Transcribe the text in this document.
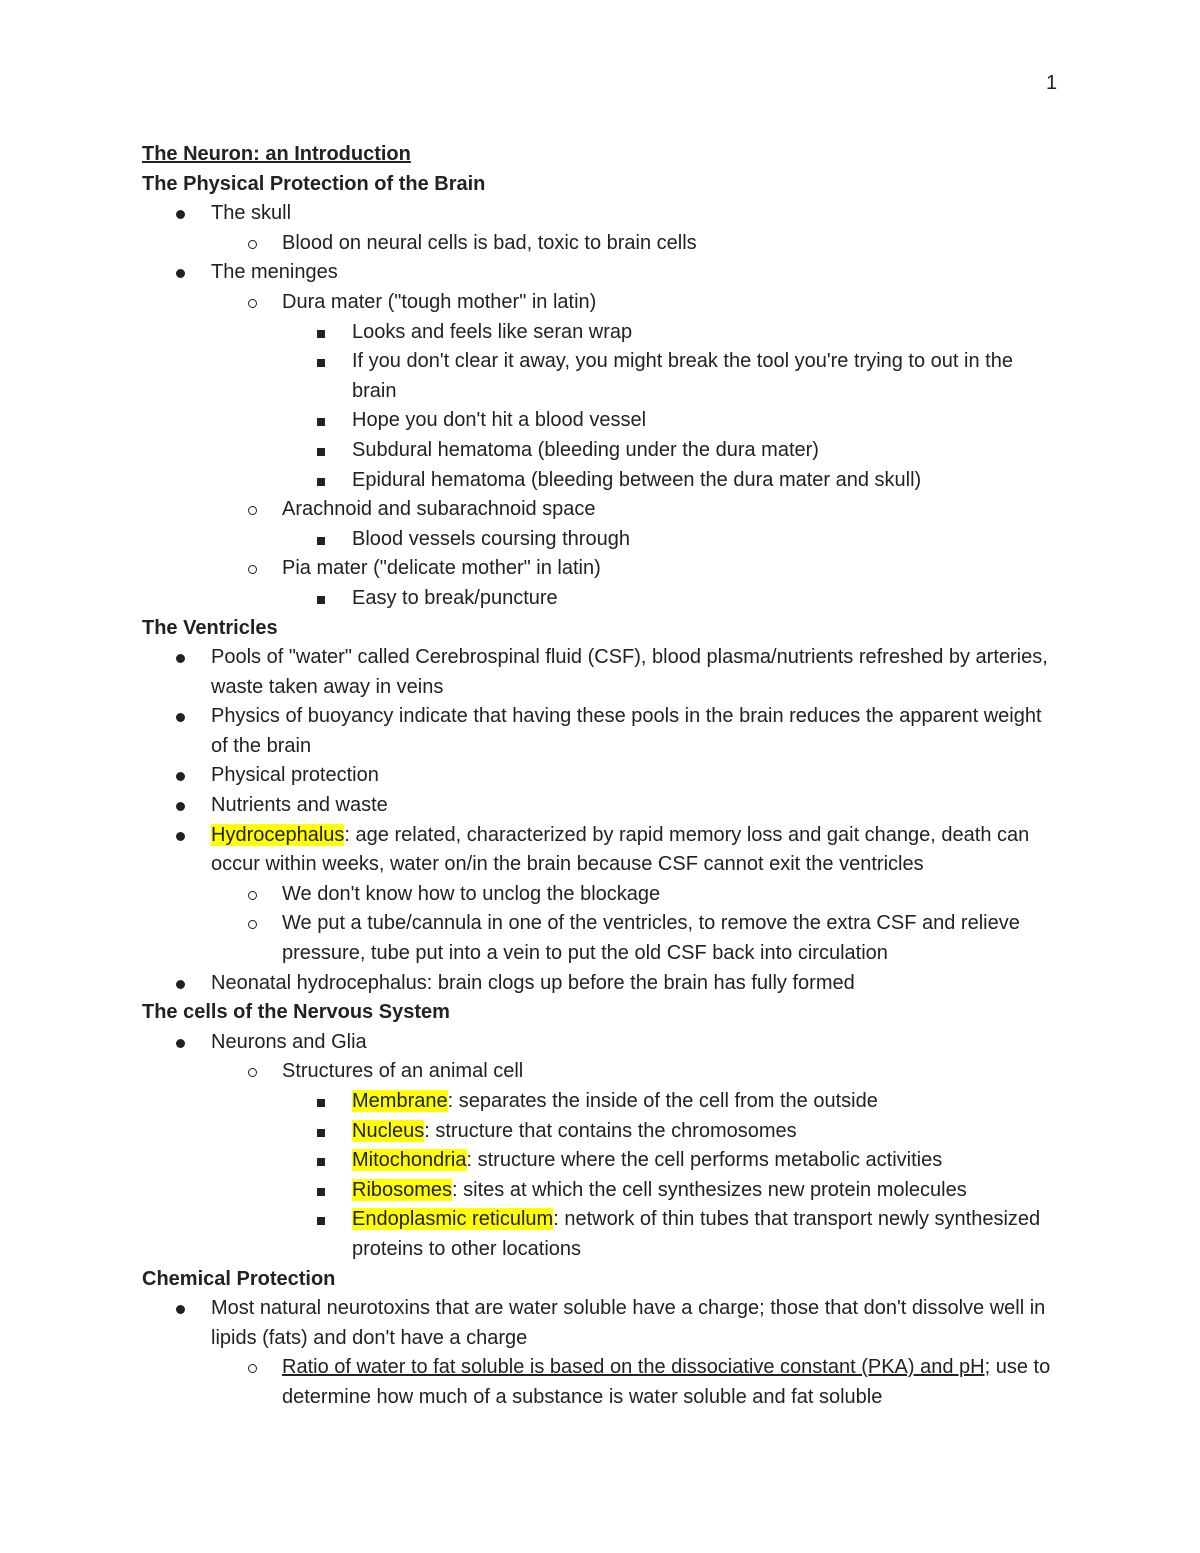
1
The Neuron: an Introduction
The Physical Protection of the Brain
The skull
Blood on neural cells is bad, toxic to brain cells
The meninges
Dura mater ("tough mother" in latin)
Looks and feels like seran wrap
If you don't clear it away, you might break the tool you're trying to out in the brain
Hope you don't hit a blood vessel
Subdural hematoma (bleeding under the dura mater)
Epidural hematoma (bleeding between the dura mater and skull)
Arachnoid and subarachnoid space
Blood vessels coursing through
Pia mater ("delicate mother" in latin)
Easy to break/puncture
The Ventricles
Pools of "water" called Cerebrospinal fluid (CSF), blood plasma/nutrients refreshed by arteries, waste taken away in veins
Physics of buoyancy indicate that having these pools in the brain reduces the apparent weight of the brain
Physical protection
Nutrients and waste
Hydrocephalus: age related, characterized by rapid memory loss and gait change, death can occur within weeks, water on/in the brain because CSF cannot exit the ventricles
We don't know how to unclog the blockage
We put a tube/cannula in one of the ventricles, to remove the extra CSF and relieve pressure, tube put into a vein to put the old CSF back into circulation
Neonatal hydrocephalus: brain clogs up before the brain has fully formed
The cells of the Nervous System
Neurons and Glia
Structures of an animal cell
Membrane: separates the inside of the cell from the outside
Nucleus: structure that contains the chromosomes
Mitochondria: structure where the cell performs metabolic activities
Ribosomes: sites at which the cell synthesizes new protein molecules
Endoplasmic reticulum: network of thin tubes that transport newly synthesized proteins to other locations
Chemical Protection
Most natural neurotoxins that are water soluble have a charge; those that don't dissolve well in lipids (fats) and don't have a charge
Ratio of water to fat soluble is based on the dissociative constant (PKA) and pH; use to determine how much of a substance is water soluble and fat soluble
